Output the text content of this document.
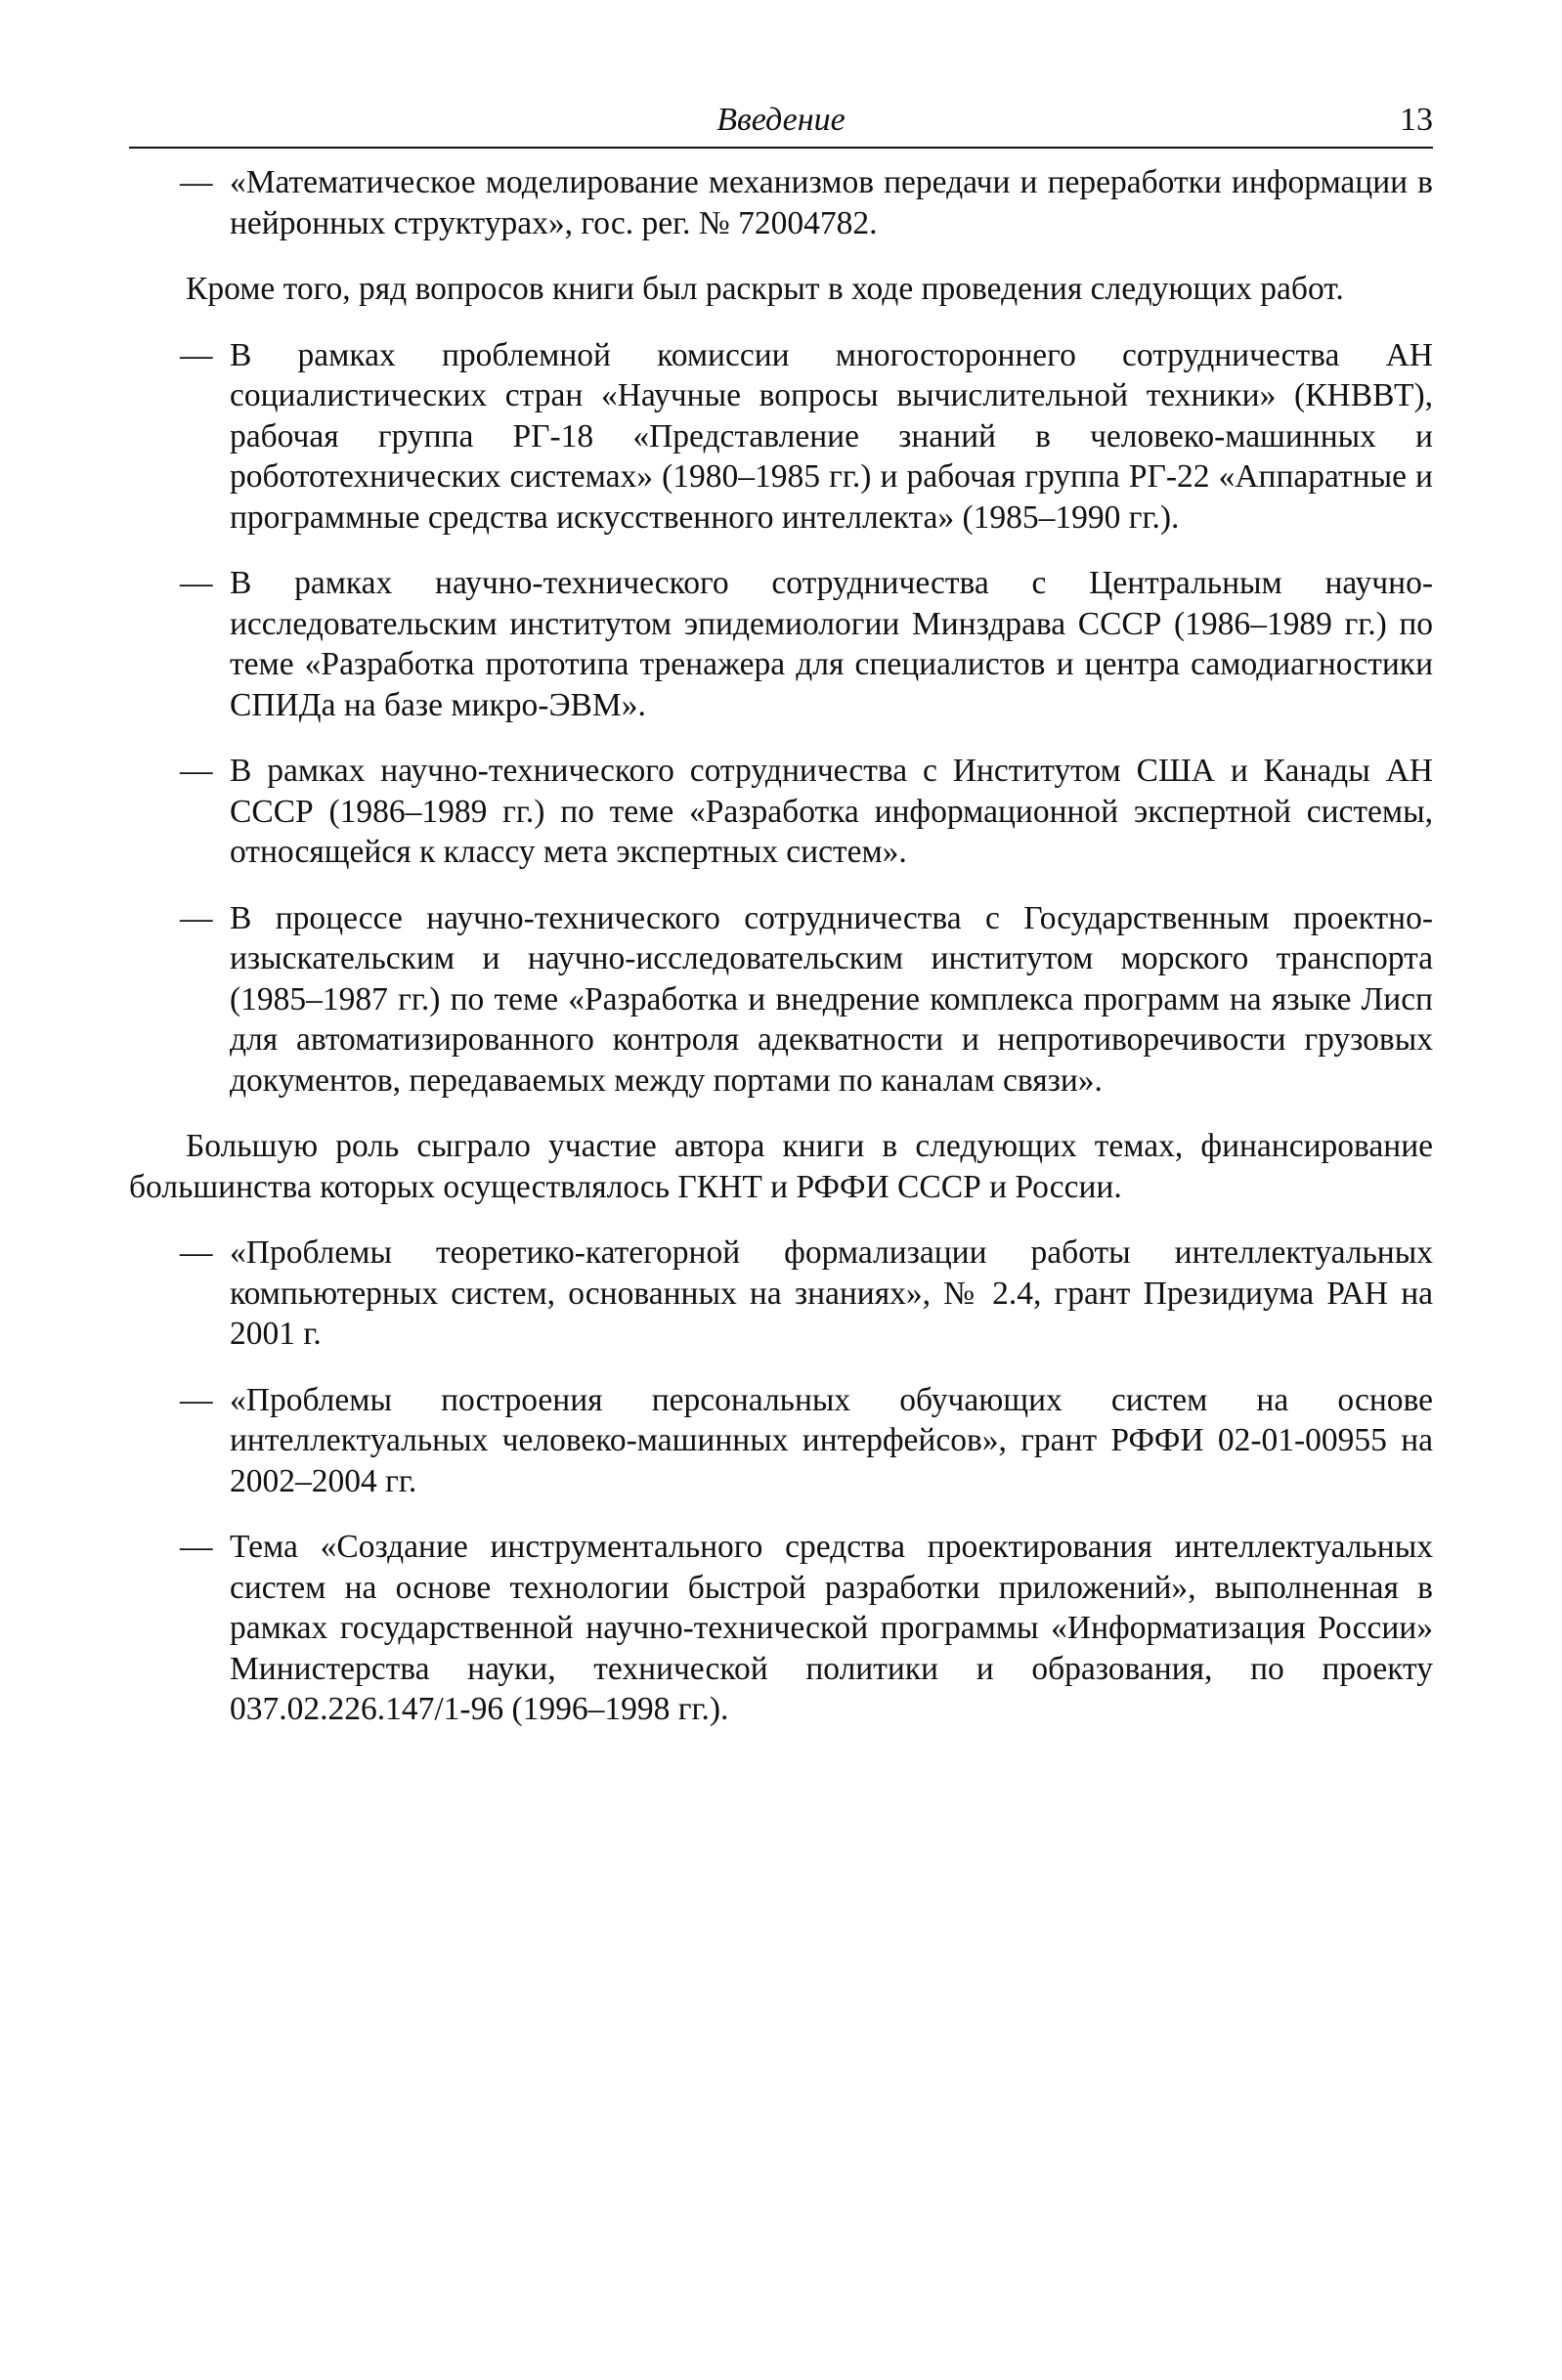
Введение	13
— «Математическое моделирование механизмов передачи и переработки информации в нейронных структурах», гос. рег. № 72004782.

Кроме того, ряд вопросов книги был раскрыт в ходе проведения следующих работ.

— В рамках проблемной комиссии многостороннего сотрудничества АН социалистических стран «Научные вопросы вычислительной техники» (КНВВТ), рабочая группа РГ-18 «Представление знаний в человеко-машинных и робототехнических системах» (1980–1985 гг.) и рабочая группа РГ-22 «Аппаратные и программные средства искусственного интеллекта» (1985–1990 гг.).
— В рамках научно-технического сотрудничества с Центральным научно-исследовательским институтом эпидемиологии Минздрава СССР (1986–1989 гг.) по теме «Разработка прототипа тренажера для специалистов и центра самодиагностики СПИДа на базе микро-ЭВМ».
— В рамках научно-технического сотрудничества с Институтом США и Канады АН СССР (1986–1989 гг.) по теме «Разработка информационной экспертной системы, относящейся к классу мета экспертных систем».
— В процессе научно-технического сотрудничества с Государственным проектно-изыскательским и научно-исследовательским институтом морского транспорта (1985–1987 гг.) по теме «Разработка и внедрение комплекса программ на языке Лисп для автоматизированного контроля адекватности и непротиворечивости грузовых документов, передаваемых между портами по каналам связи».

Большую роль сыграло участие автора книги в следующих темах, финансирование большинства которых осуществлялось ГКНТ и РФФИ СССР и России.

— «Проблемы теоретико-категорной формализации работы интеллектуальных компьютерных систем, основанных на знаниях», № 2.4, грант Президиума РАН на 2001 г.
— «Проблемы построения персональных обучающих систем на основе интеллектуальных человеко-машинных интерфейсов», грант РФФИ 02-01-00955 на 2002–2004 гг.
— Тема «Создание инструментального средства проектирования интеллектуальных систем на основе технологии быстрой разработки приложений», выполненная в рамках государственной научно-технической программы «Информатизация России» Министерства науки, технической политики и образования, по проекту 037.02.226.147/1-96 (1996–1998 гг.).
